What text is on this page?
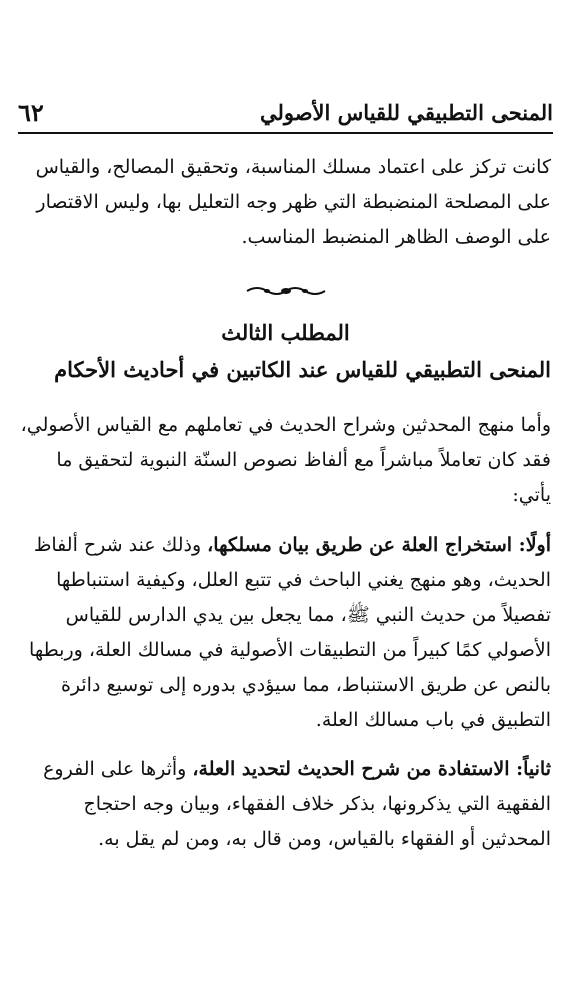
٦٢	المنحى التطبيقي للقياس الأصولي
كانت تركز على اعتماد مسلك المناسبة، وتحقيق المصالح، والقياس على المصلحة المنضبطة التي ظهر وجه التعليل بها، وليس الاقتصار على الوصف الظاهر المنضبط المناسب.
المطلب الثالث
المنحى التطبيقي للقياس عند الكاتبين في أحاديث الأحكام
وأما منهج المحدثين وشراح الحديث في تعاملهم مع القياس الأصولي، فقد كان تعاملاً مباشراً مع ألفاظ نصوص السنّة النبوية لتحقيق ما يأتي:
أولًا: استخراج العلة عن طريق بيان مسلكها، وذلك عند شرح ألفاظ الحديث، وهو منهج يغني الباحث في تتبع العلل، وكيفية استنباطها تفصيلاً من حديث النبي ﷺ، مما يجعل بين يدي الدارس للقياس الأصولي كمًا كبيراً من التطبيقات الأصولية في مسالك العلة، وربطها بالنص عن طريق الاستنباط، مما سيؤدي بدوره إلى توسيع دائرة التطبيق في باب مسالك العلة.
ثانياً: الاستفادة من شرح الحديث لتحديد العلة، وأثرها على الفروع الفقهية التي يذكرونها، بذكر خلاف الفقهاء، وبيان وجه احتجاج المحدثين أو الفقهاء بالقياس، ومن قال به، ومن لم يقل به.
